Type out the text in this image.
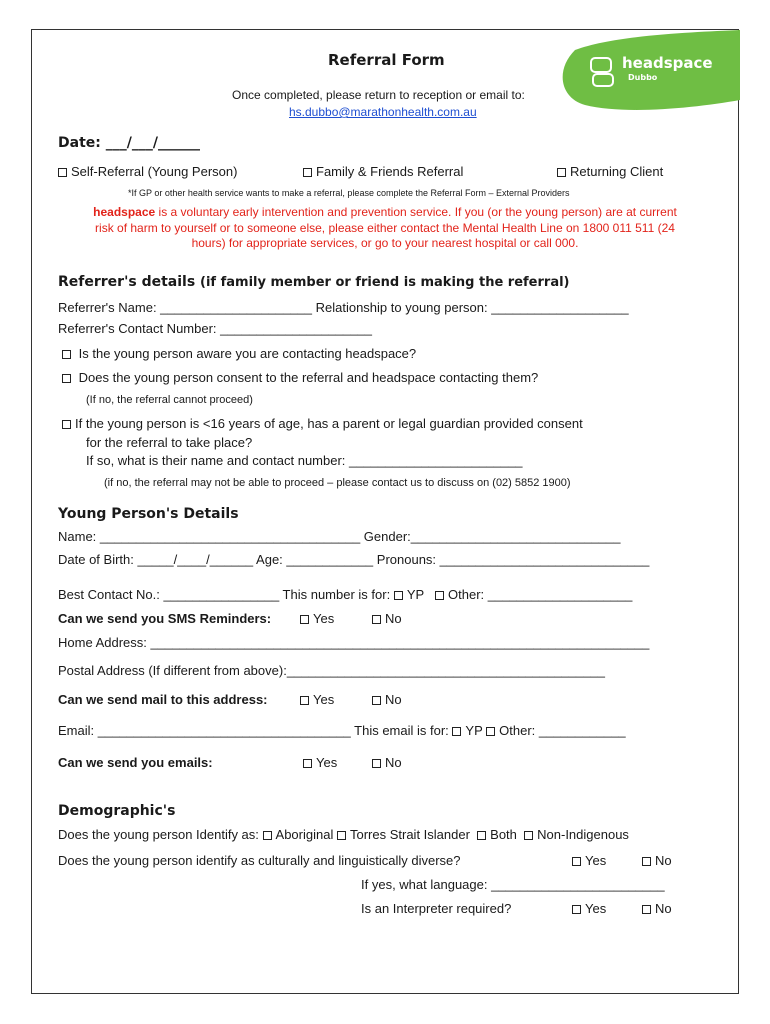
headspace
Dubbo
Referral Form
Once completed, please return to reception or email to:
hs.dubbo@marathonhealth.com.au
Date: ___/___/______
Self-Referral (Young Person)	Family & Friends Referral	Returning Client
*If GP or other health service wants to make a referral, please complete the Referral Form – External Providers
headspace is a voluntary early intervention and prevention service. If you (or the young person) are at current
risk of harm to yourself or to someone else, please either contact the Mental Health Line on 1800 011 511 (24
hours) for appropriate services, or go to your nearest hospital or call 000.
Referrer's details (if family member or friend is making the referral)
Referrer's Name: _____________________ Relationship to young person: ___________________
Referrer's Contact Number: _____________________
Is the young person aware you are contacting headspace?
Does the young person consent to the referral and headspace contacting them?
(If no, the referral cannot proceed)
If the young person is <16 years of age, has a parent or legal guardian provided consent
for the referral to take place?
If so, what is their name and contact number: ________________________
(if no, the referral may not be able to proceed – please contact us to discuss on (02) 5852 1900)
Young Person's Details
Name: ____________________________________ Gender:_____________________________
Date of Birth: _____/____/______ Age: ____________ Pronouns: _____________________________
Best Contact No.: ________________ This number is for: YP Other: ____________________
Can we send you SMS Reminders:	Yes	No
Home Address: _____________________________________________________________________
Postal Address (If different from above):____________________________________________
Can we send mail to this address:	Yes	No
Email: ___________________________________ This email is for: YP Other: ____________
Can we send you emails:	Yes	No
Demographic's
Does the young person Identify as: Aboriginal Torres Strait Islander Both Non-Indigenous
Does the young person identify as culturally and linguistically diverse?	Yes	No
If yes, what language: ________________________
Is an Interpreter required?	Yes	No
